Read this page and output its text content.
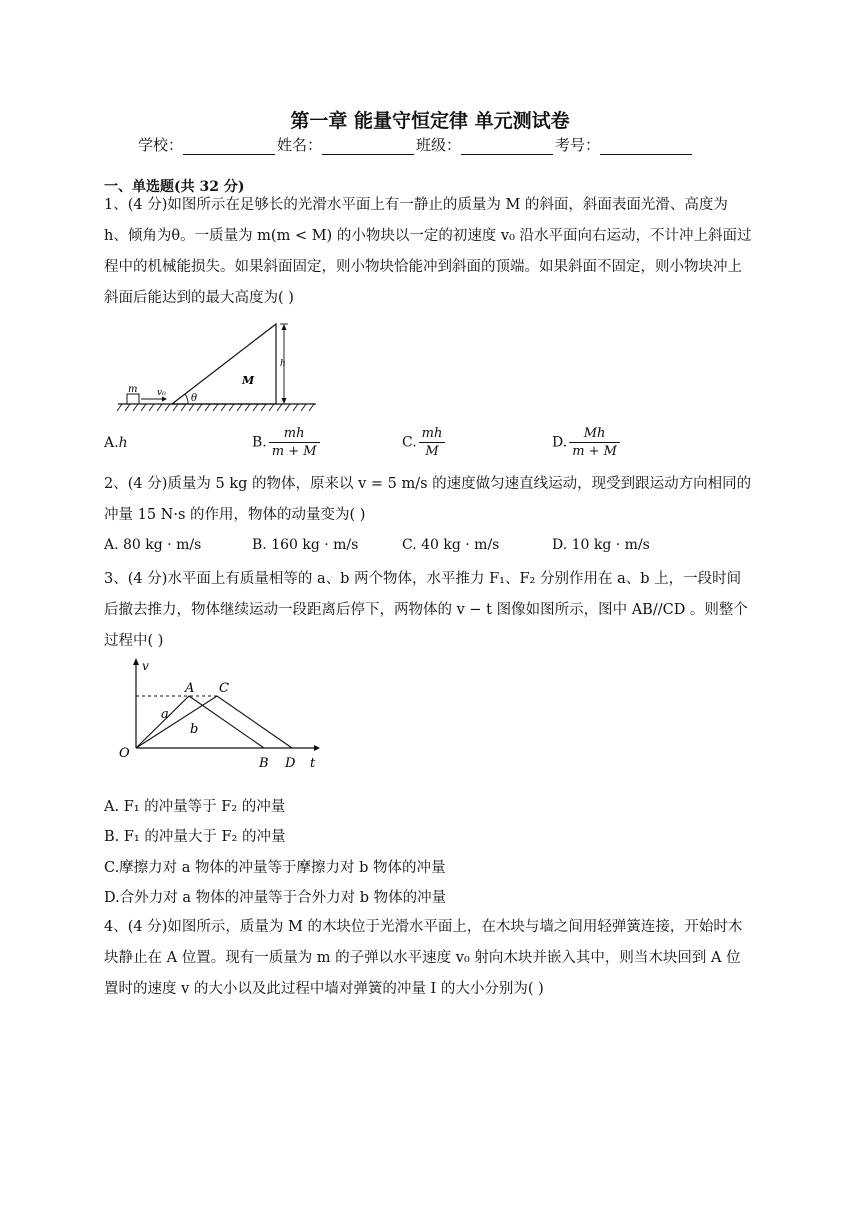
第一章 能量守恒定律 单元测试卷
学校：	姓名：	班级：	考号：
一、单选题(共 32 分)
1、(4 分)如图所示在足够长的光滑水平面上有一静止的质量为 M 的斜面，斜面表面光滑、高度为 h、倾角为θ。一质量为 m(m < M) 的小物块以一定的初速度 v₀ 沿水平面向右运动，不计冲上斜面过程中的机械能损失。如果斜面固定，则小物块恰能冲到斜面的顶端。如果斜面不固定，则小物块冲上斜面后能达到的最大高度为( )
m v₀	θ
M
h
A.h	B. $\frac{mh}{m + M}$	C. $\frac{mh}{M}$	D. $\frac{Mh}{m + M}$
2、(4 分)质量为 5 kg 的物体，原来以 v = 5 m/s 的速度做匀速直线运动，现受到跟运动方向相同的冲量 15 N·s 的作用，物体的动量变为( )
A. 80 kg · m/s	B. 160 kg · m/s	C. 40 kg · m/s	D. 10 kg · m/s
3、(4 分)水平面上有质量相等的 a、b 两个物体，水平推力 F₁、F₂ 分别作用在 a、b 上，一段时间后撤去推力，物体继续运动一段距离后停下，两物体的 v − t 图像如图所示，图中 AB//CD 。则整个过程中( )
v
t
O
A C
B D
a
b
A. F₁ 的冲量等于 F₂ 的冲量
B. F₁ 的冲量大于 F₂ 的冲量
C.摩擦力对 a 物体的冲量等于摩擦力对 b 物体的冲量
D.合外力对 a 物体的冲量等于合外力对 b 物体的冲量
4、(4 分)如图所示，质量为 M 的木块位于光滑水平面上，在木块与墙之间用轻弹簧连接，开始时木块静止在 A 位置。现有一质量为 m 的子弹以水平速度 v₀ 射向木块并嵌入其中，则当木块回到 A 位置时的速度 v 的大小以及此过程中墙对弹簧的冲量 I 的大小分别为( )
